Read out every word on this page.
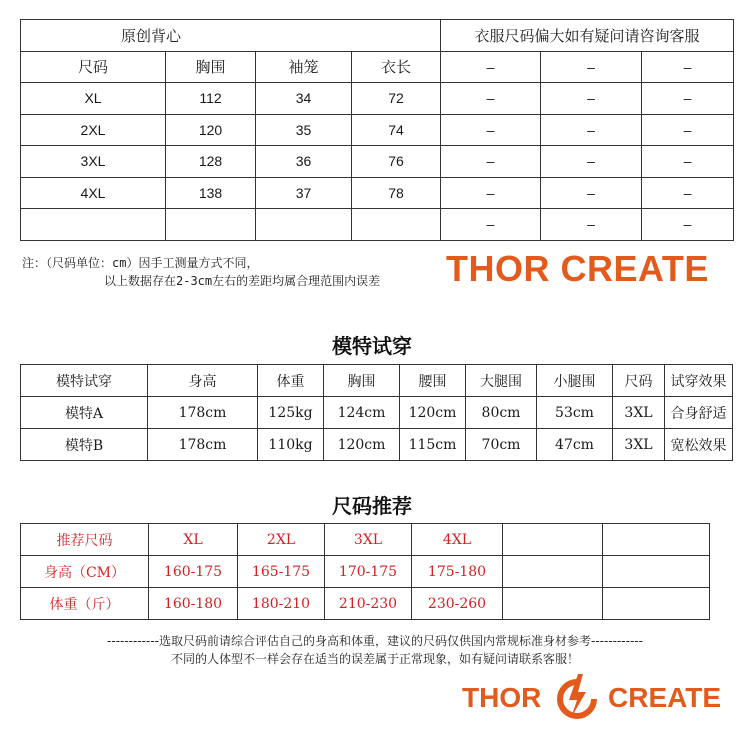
原创背心				衣服尺码偏大如有疑问请咨询客服		
尺码	胸围	袖笼	衣长	–	–	–
XL	112	34	72	–	–	–
2XL	120	35	74	–	–	–
3XL	128	36	76	–	–	–
4XL	138	37	78	–	–	–
				–	–	–
注：（尺码单位：cm）因手工测量方式不同，
以上数据存在2-3cm左右的差距均属合理范围内误差 THOR CREATE
模特试穿
模特试穿	身高	体重	胸围	腰围	大腿围	小腿围	尺码	试穿效果
模特A	178cm	125kg	124cm	120cm	80cm	53cm	3XL	合身舒适
模特B	178cm	110kg	120cm	115cm	70cm	47cm	3XL	宽松效果
尺码推荐
推荐尺码	XL	2XL	3XL	4XL		
身高（CM）	160-175	165-175	170-175	175-180		
体重（斤）	160-180	180-210	210-230	230-260		
------------选取尺码前请综合评估自己的身高和体重，建议的尺码仅供国内常规标准身材参考------------
不同的人体型不一样会存在适当的误差属于正常现象，如有疑问请联系客服！
THOR CREATE
